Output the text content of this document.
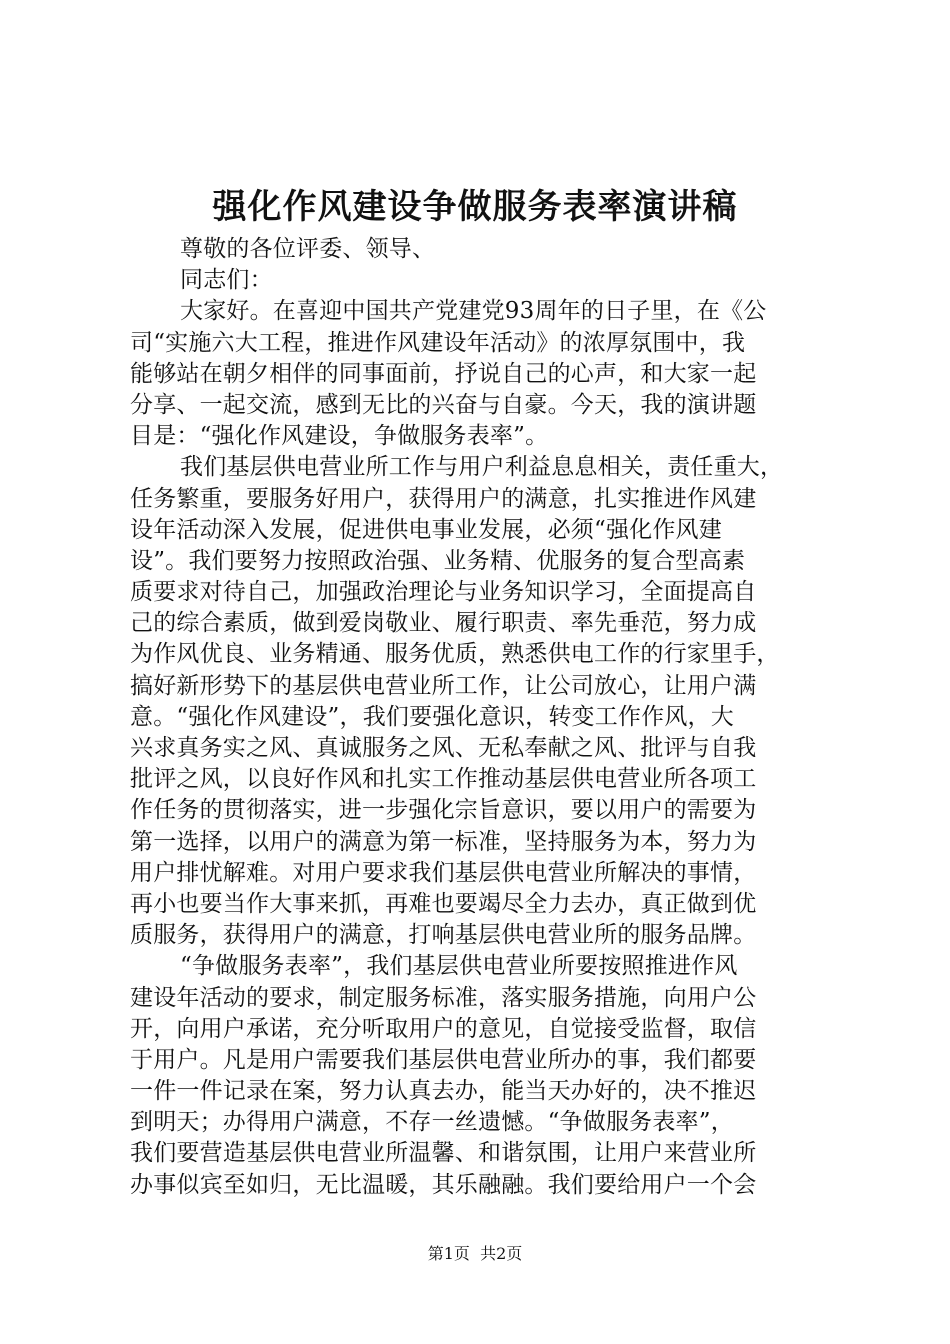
强化作风建设争做服务表率演讲稿
尊敬的各位评委、领导、
同志们：
大家好。在喜迎中国共产党建党93周年的日子里，在《公
司“实施六大工程，推进作风建设年活动》的浓厚氛围中，我
能够站在朝夕相伴的同事面前，抒说自己的心声，和大家一起
分享、一起交流，感到无比的兴奋与自豪。今天，我的演讲题
目是：“强化作风建设，争做服务表率”。
我们基层供电营业所工作与用户利益息息相关，责任重大，
任务繁重，要服务好用户，获得用户的满意，扎实推进作风建
设年活动深入发展，促进供电事业发展，必须“强化作风建
设”。我们要努力按照政治强、业务精、优服务的复合型高素
质要求对待自己，加强政治理论与业务知识学习，全面提高自
己的综合素质，做到爱岗敬业、履行职责、率先垂范，努力成
为作风优良、业务精通、服务优质，熟悉供电工作的行家里手，
搞好新形势下的基层供电营业所工作，让公司放心，让用户满
意。“强化作风建设”，我们要强化意识，转变工作作风，大
兴求真务实之风、真诚服务之风、无私奉献之风、批评与自我
批评之风，以良好作风和扎实工作推动基层供电营业所各项工
作任务的贯彻落实，进一步强化宗旨意识，要以用户的需要为
第一选择，以用户的满意为第一标准，坚持服务为本，努力为
用户排忧解难。对用户要求我们基层供电营业所解决的事情，
再小也要当作大事来抓，再难也要竭尽全力去办，真正做到优
质服务，获得用户的满意，打响基层供电营业所的服务品牌。
“争做服务表率”，我们基层供电营业所要按照推进作风
建设年活动的要求，制定服务标准，落实服务措施，向用户公
开，向用户承诺，充分听取用户的意见，自觉接受监督，取信
于用户。凡是用户需要我们基层供电营业所办的事，我们都要
一件一件记录在案，努力认真去办，能当天办好的，决不推迟
到明天；办得用户满意，不存一丝遗憾。“争做服务表率”，
我们要营造基层供电营业所温馨、和谐氛围，让用户来营业所
办事似宾至如归，无比温暖，其乐融融。我们要给用户一个会
第1页 共2页
